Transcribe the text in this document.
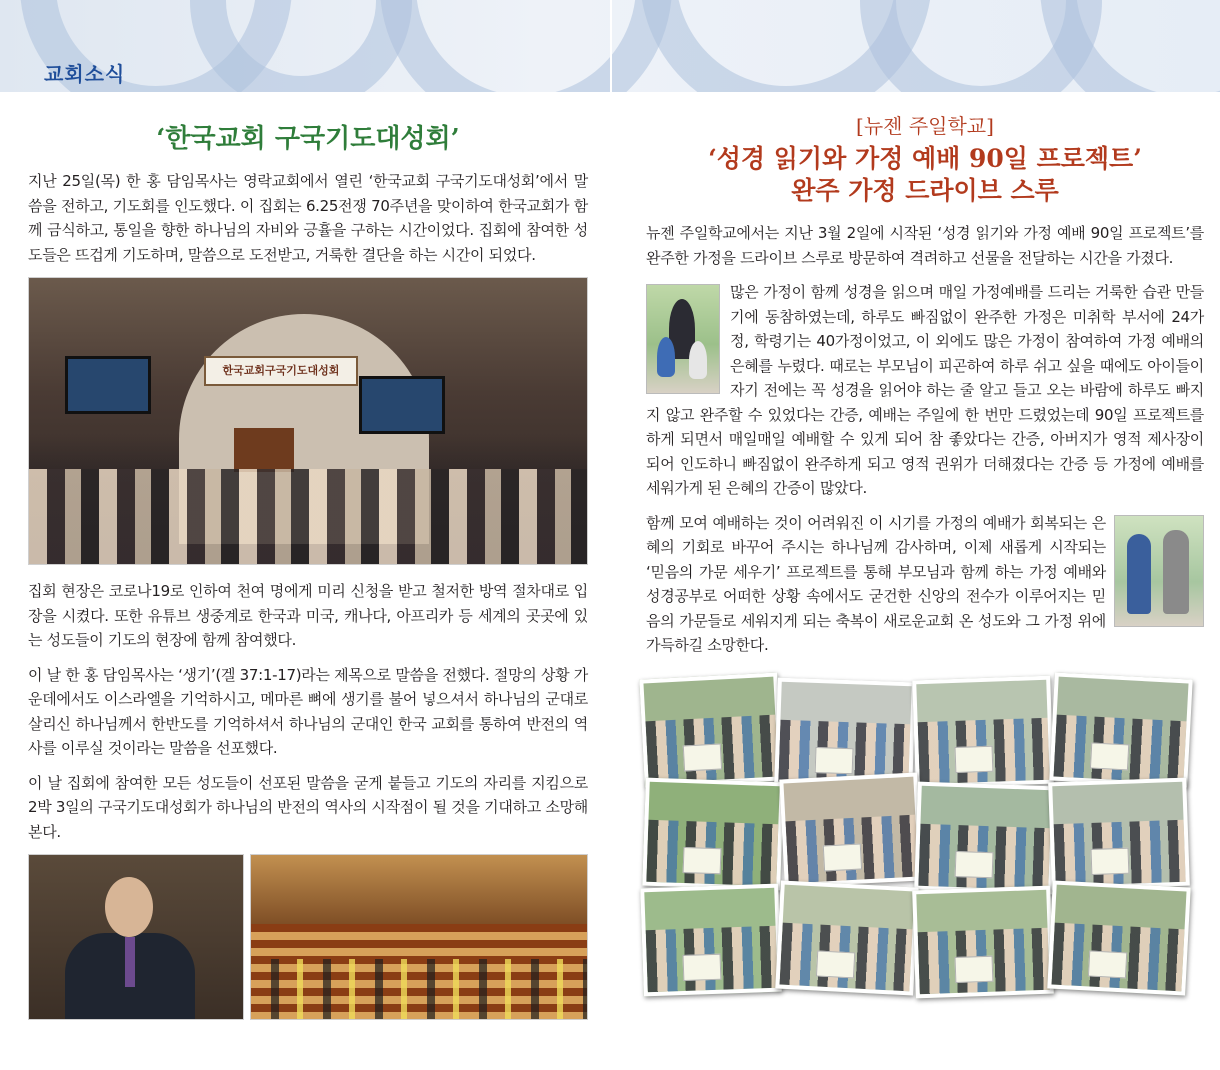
교회소식
‘한국교회 구국기도대성회’

지난 25일(목) 한 홍 담임목사는 영락교회에서 열린 ‘한국교회 구국기도대성회’에서 말씀을 전하고, 기도회를 인도했다. 이 집회는 6.25전쟁 70주년을 맞이하여 한국교회가 함께 금식하고, 통일을 향한 하나님의 자비와 긍휼을 구하는 시간이었다. 집회에 참여한 성도들은 뜨겁게 기도하며, 말씀으로 도전받고, 거룩한 결단을 하는 시간이 되었다.

한국교회구국기도대성회

집회 현장은 코로나19로 인하여 천여 명에게 미리 신청을 받고 철저한 방역 절차대로 입장을 시켰다. 또한 유튜브 생중계로 한국과 미국, 캐나다, 아프리카 등 세계의 곳곳에 있는 성도들이 기도의 현장에 함께 참여했다.

이 날 한 홍 담임목사는 ‘생기’(겔 37:1-17)라는 제목으로 말씀을 전했다. 절망의 상황 가운데에서도 이스라엘을 기억하시고, 메마른 뼈에 생기를 불어 넣으셔서 하나님의 군대로 살리신 하나님께서 한반도를 기억하셔서 하나님의 군대인 한국 교회를 통하여 반전의 역사를 이루실 것이라는 말씀을 선포했다.

이 날 집회에 참여한 모든 성도들이 선포된 말씀을 굳게 붙들고 기도의 자리를 지킴으로 2박 3일의 구국기도대성회가 하나님의 반전의 역사의 시작점이 될 것을 기대하고 소망해 본다.

[뉴젠 주일학교]
‘성경 읽기와 가정 예배 90일 프로젝트’
완주 가정 드라이브 스루

뉴젠 주일학교에서는 지난 3월 2일에 시작된 ‘성경 읽기와 가정 예배 90일 프로젝트’를 완주한 가정을 드라이브 스루로 방문하여 격려하고 선물을 전달하는 시간을 가졌다.

많은 가정이 함께 성경을 읽으며 매일 가정예배를 드리는 거룩한 습관 만들기에 동참하였는데, 하루도 빠짐없이 완주한 가정은 미취학 부서에 24가정, 학령기는 40가정이었고, 이 외에도 많은 가정이 참여하여 가정 예배의 은혜를 누렸다. 때로는 부모님이 피곤하여 하루 쉬고 싶을 때에도 아이들이 자기 전에는 꼭 성경을 읽어야 하는 줄 알고 들고 오는 바람에 하루도 빠지지 않고 완주할 수 있었다는 간증, 예배는 주일에 한 번만 드렸었는데 90일 프로젝트를 하게 되면서 매일매일 예배할 수 있게 되어 참 좋았다는 간증, 아버지가 영적 제사장이 되어 인도하니 빠짐없이 완주하게 되고 영적 권위가 더해졌다는 간증 등 가정에 예배를 세워가게 된 은혜의 간증이 많았다.

함께 모여 예배하는 것이 어려워진 이 시기를 가정의 예배가 회복되는 은혜의 기회로 바꾸어 주시는 하나님께 감사하며, 이제 새롭게 시작되는 ‘믿음의 가문 세우기’ 프로젝트를 통해 부모님과 함께 하는 가정 예배와 성경공부로 어떠한 상황 속에서도 굳건한 신앙의 전수가 이루어지는 믿음의 가문들로 세워지게 되는 축복이 새로운교회 온 성도와 그 가정 위에 가득하길 소망한다.
